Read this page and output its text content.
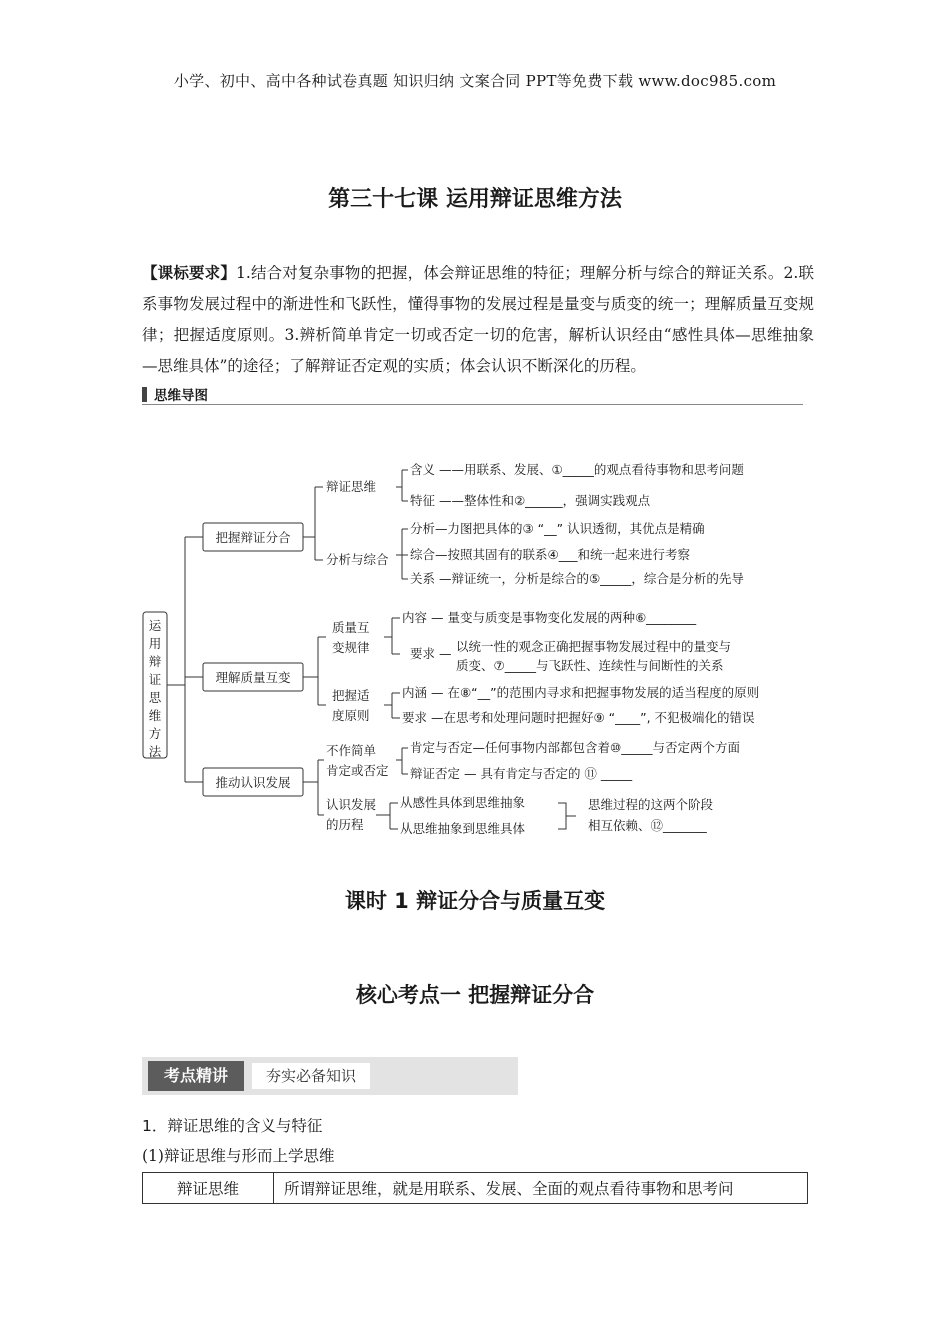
小学、初中、高中各种试卷真题 知识归纳 文案合同 PPT等免费下载 www.doc985.com
第三十七课 运用辩证思维方法
【课标要求】1.结合对复杂事物的把握，体会辩证思维的特征；理解分析与综合的辩证关系。2.联系事物发展过程中的渐进性和飞跃性，懂得事物的发展过程是量变与质变的统一；理解质量互变规律；把握适度原则。3.辨析简单肯定一切或否定一切的危害，解析认识经由“感性具体—思维抽象—思维具体”的途径；了解辩证否定观的实质；体会认识不断深化的历程。
思维导图
运
用
辩
证
思
维
方
法
把握辩证分合
理解质量互变
推动认识发展
辩证思维
分析与综合
质量互
变规律
把握适
度原则
不作简单
肯定或否定
认识发展
的历程
含义 ——用联系、发展、①_____的观点看待事物和思考问题
特征 ——整体性和②______，强调实践观点
分析—力图把具体的③ “__” 认识透彻，其优点是精确
综合—按照其固有的联系④___和统一起来进行考察
关系 —辩证统一，分析是综合的⑤_____，综合是分析的先导
内容 — 量变与质变是事物变化发展的两种⑥________
要求 — 以统一性的观念正确把握事物发展过程中的量变与
质变、⑦_____与飞跃性、连续性与间断性的关系
内涵 — 在⑧“__”的范围内寻求和把握事物发展的适当程度的原则
要求 —在思考和处理问题时把握好⑨ “____”, 不犯极端化的错误
肯定与否定—任何事物内部都包含着⑩_____与否定两个方面
辩证否定 — 具有肯定与否定的 ⑪ _____
从感性具体到思维抽象
从思维抽象到思维具体
思维过程的这两个阶段
相互依赖、⑫_______
课时 1 辩证分合与质量互变
核心考点一 把握辩证分合
考点精讲	夯实必备知识
1．辩证思维的含义与特征
(1)辩证思维与形而上学思维
辩证思维	所谓辩证思维，就是用联系、发展、全面的观点看待事物和思考问
